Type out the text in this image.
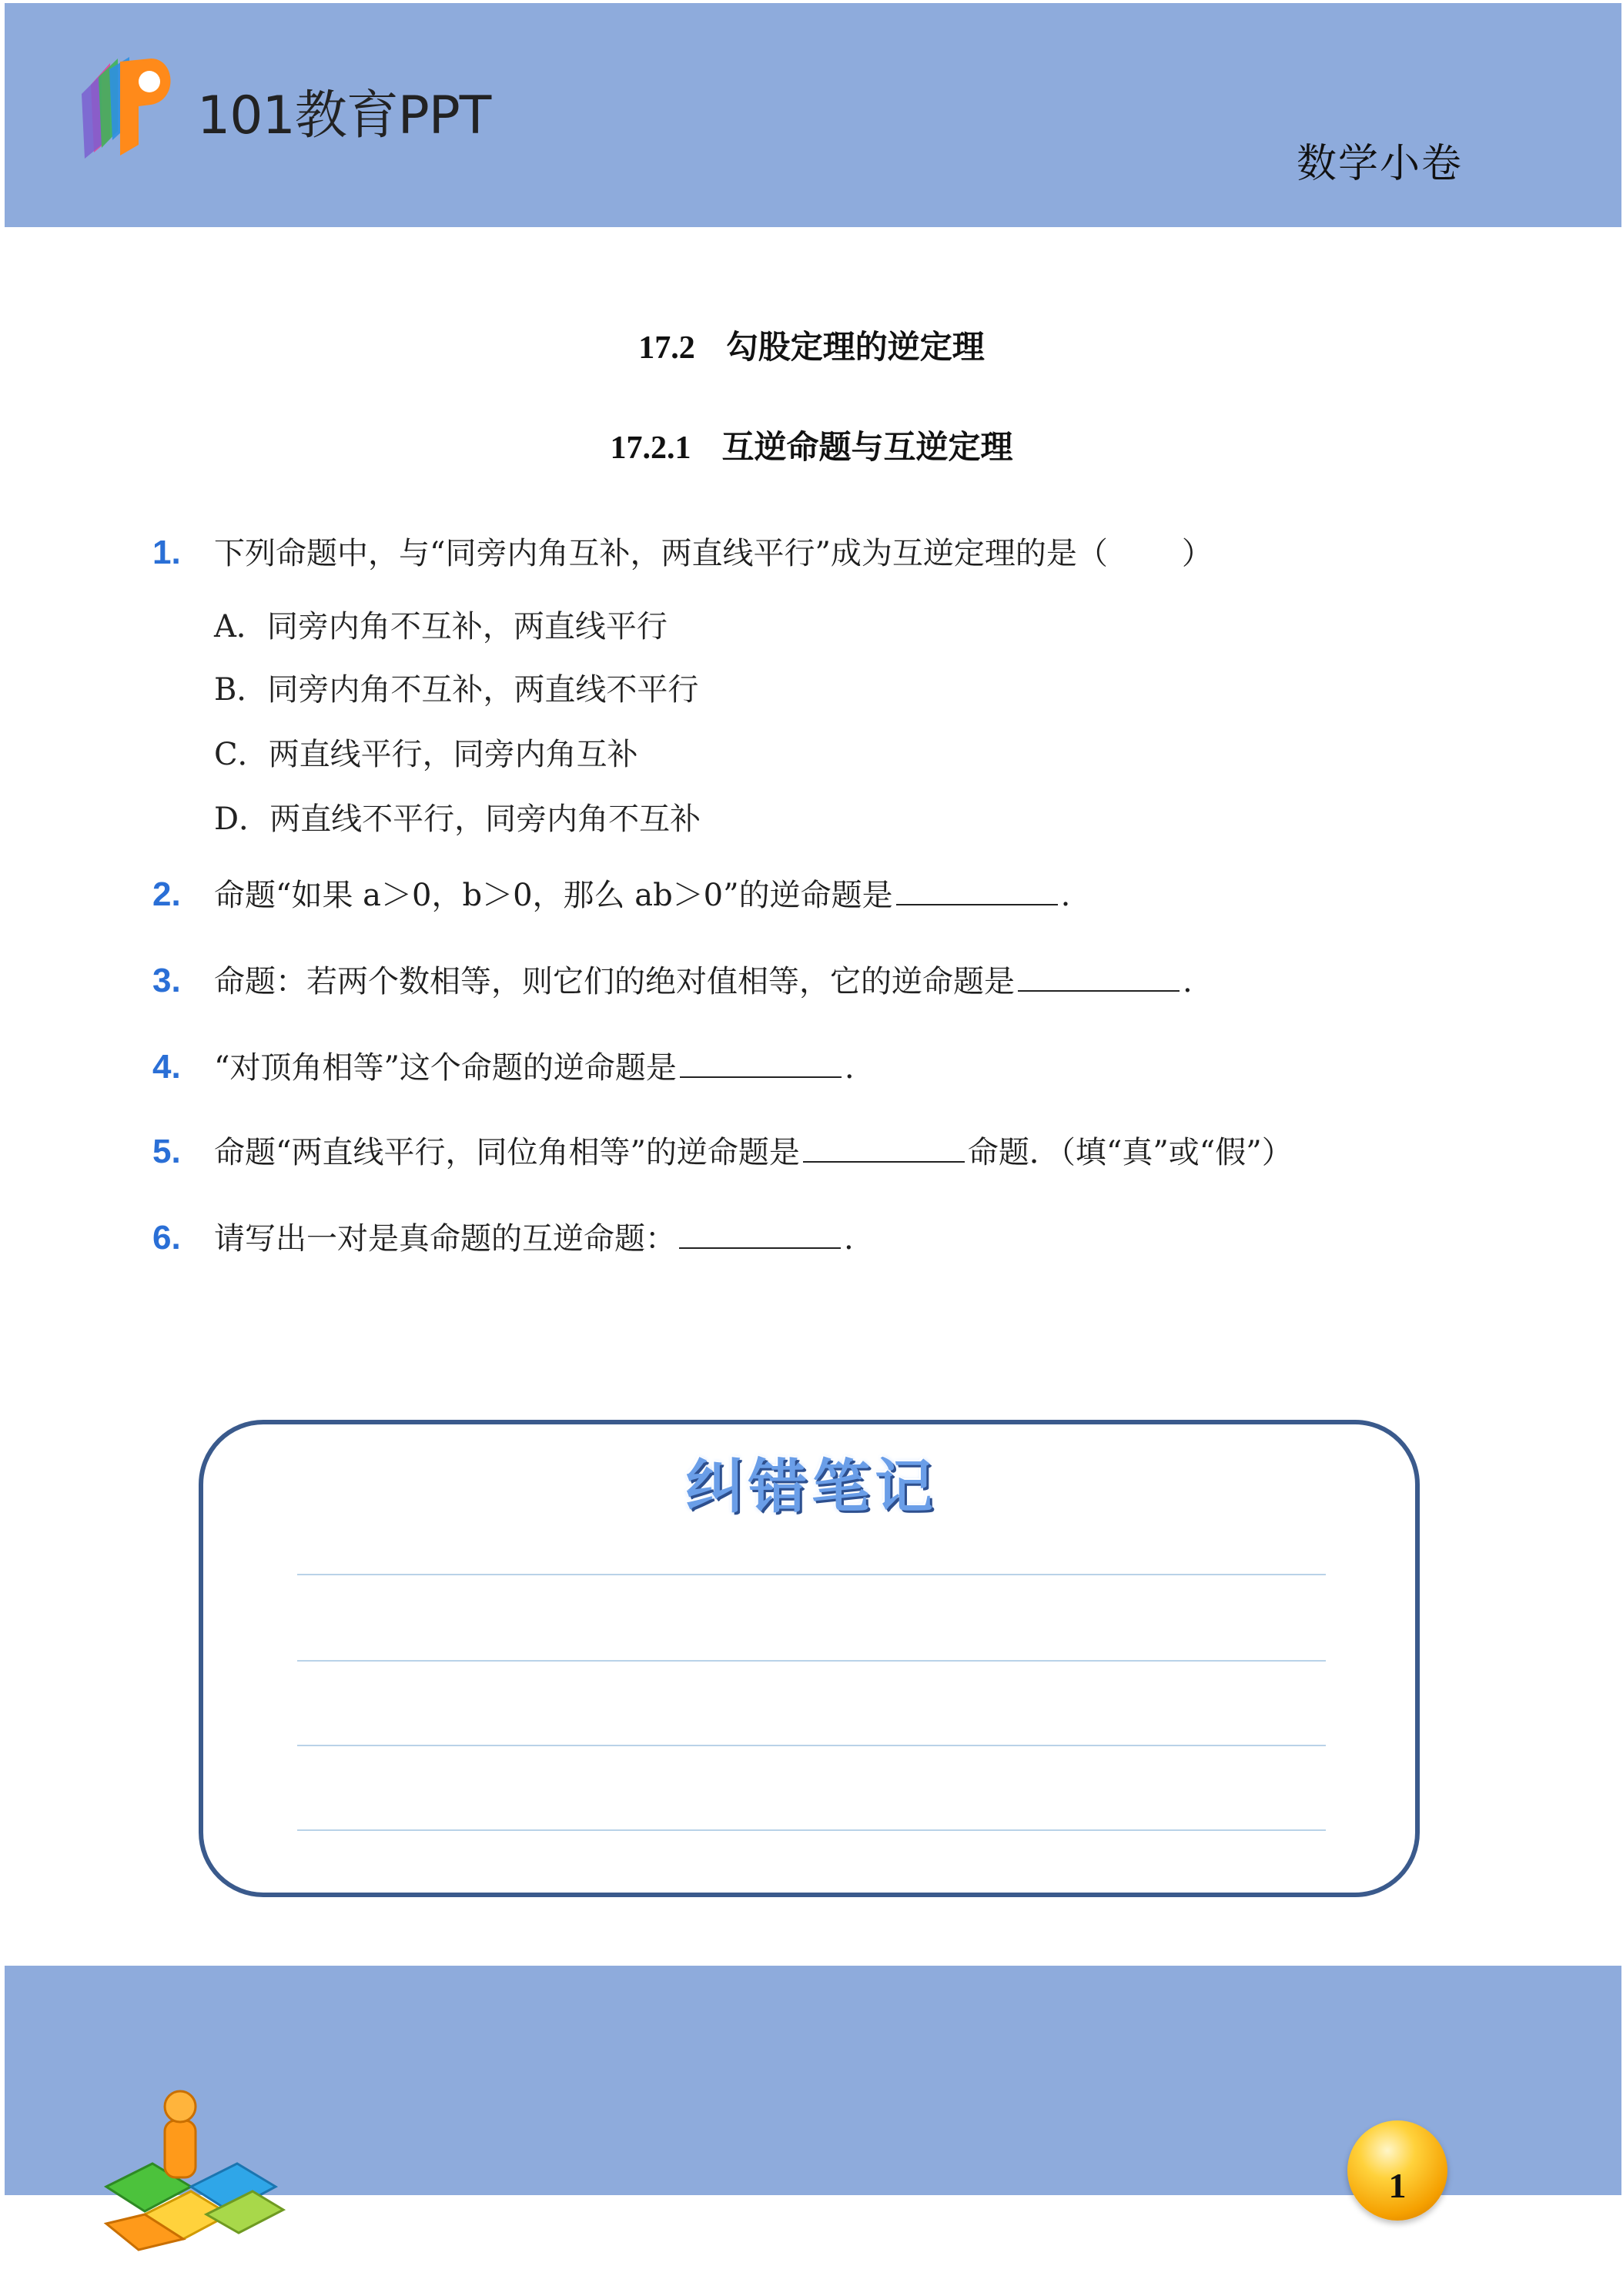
101教育PPT
数学小卷
17.2 勾股定理的逆定理
17.2.1 互逆命题与互逆定理
1. 下列命题中，与“同旁内角互补，两直线平行”成为互逆定理的是（ ）
A．同旁内角不互补，两直线平行
B．同旁内角不互补，两直线不平行
C．两直线平行，同旁内角互补
D．两直线不平行，同旁内角不互补
2. 命题“如果 a＞0，b＞0，那么 ab＞0”的逆命题是	.
3. 命题：若两个数相等，则它们的绝对值相等，它的逆命题是	.
4. “对顶角相等”这个命题的逆命题是	.
5. 命题“两直线平行，同位角相等”的逆命题是	命题．（填“真”或“假”）
6. 请写出一对是真命题的互逆命题：	.
纠错笔记
1
